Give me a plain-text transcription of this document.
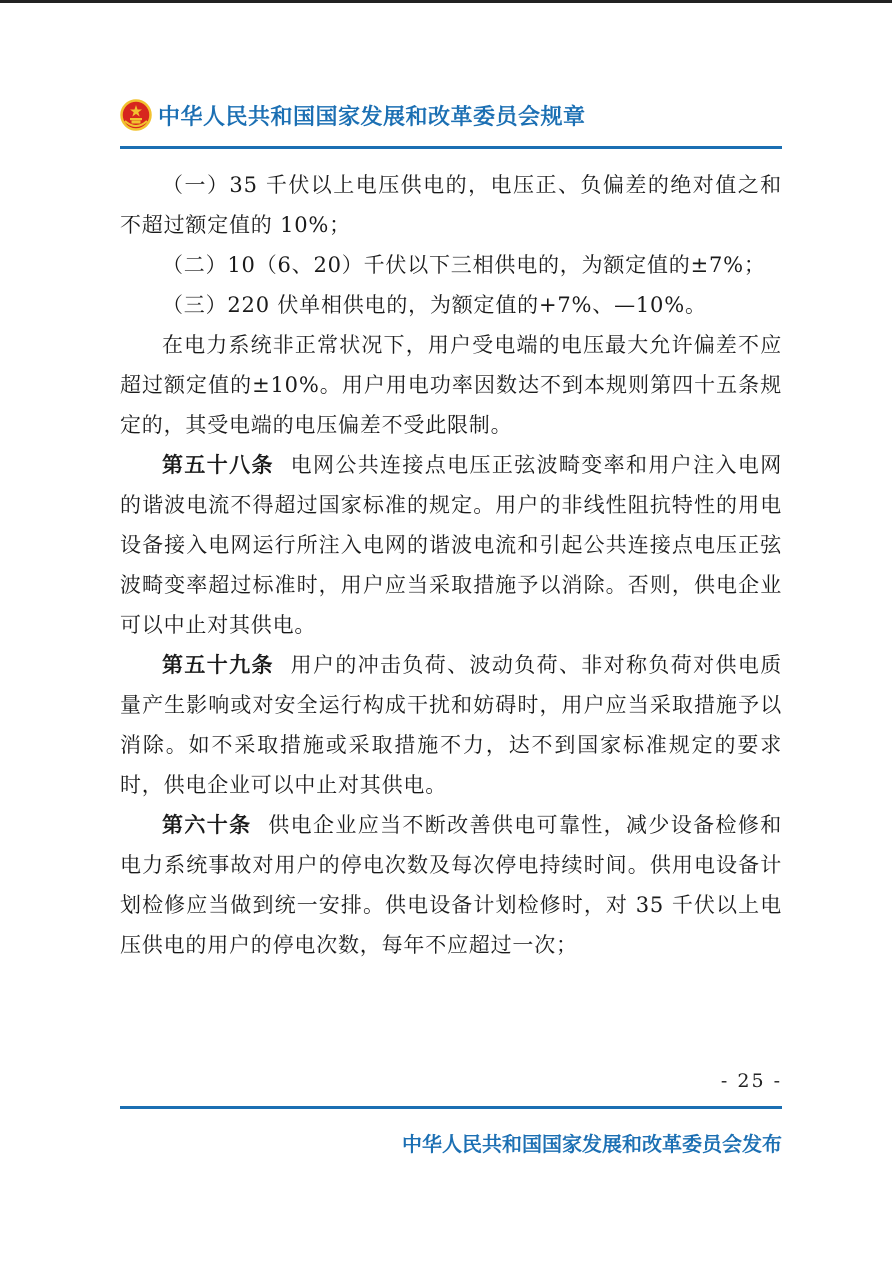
中华人民共和国国家发展和改革委员会规章

（一）35 千伏以上电压供电的，电压正、负偏差的绝对值之和不超过额定值的 10%；

（二）10（6、20）千伏以下三相供电的，为额定值的±7%；

（三）220 伏单相供电的，为额定值的+7%、—10%。

在电力系统非正常状况下，用户受电端的电压最大允许偏差不应超过额定值的±10%。用户用电功率因数达不到本规则第四十五条规定的，其受电端的电压偏差不受此限制。

第五十八条 电网公共连接点电压正弦波畸变率和用户注入电网的谐波电流不得超过国家标准的规定。用户的非线性阻抗特性的用电设备接入电网运行所注入电网的谐波电流和引起公共连接点电压正弦波畸变率超过标准时，用户应当采取措施予以消除。否则，供电企业可以中止对其供电。

第五十九条 用户的冲击负荷、波动负荷、非对称负荷对供电质量产生影响或对安全运行构成干扰和妨碍时，用户应当采取措施予以消除。如不采取措施或采取措施不力，达不到国家标准规定的要求时，供电企业可以中止对其供电。

第六十条 供电企业应当不断改善供电可靠性，减少设备检修和电力系统事故对用户的停电次数及每次停电持续时间。供用电设备计划检修应当做到统一安排。供电设备计划检修时，对 35 千伏以上电压供电的用户的停电次数，每年不应超过一次；

- 25 -
中华人民共和国国家发展和改革委员会发布
